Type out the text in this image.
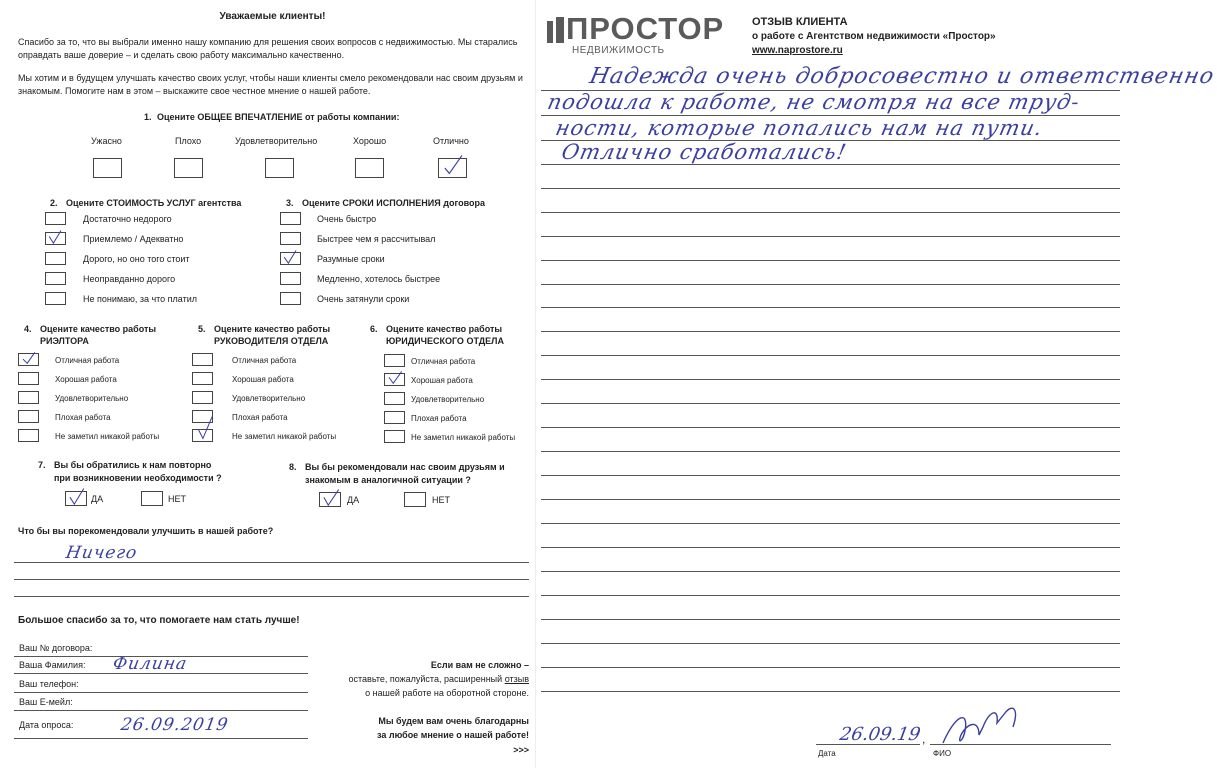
Уважаемые клиенты!
Спасибо за то, что вы выбрали именно нашу компанию для решения своих вопросов с недвижимостью. Мы старались
оправдать ваше доверие – и сделать свою работу максимально качественно.
Мы хотим и в будущем улучшать качество своих услуг, чтобы наши клиенты смело рекомендовали нас своим друзьям и
знакомым. Помогите нам в этом – выскажите свое честное мнение о нашей работе.
1. Оцените ОБЩЕЕ ВПЕЧАТЛЕНИЕ от работы компании:
Ужасно	Плохо	Удовлетворительно	Хорошо	Отлично
2. Оцените СТОИМОСТЬ УСЛУГ агентства
Достаточно недорого
Приемлемо / Адекватно
Дорого, но оно того стоит
Неоправданно дорого
Не понимаю, за что платил
3. Оцените СРОКИ ИСПОЛНЕНИЯ договора
Очень быстро
Быстрее чем я рассчитывал
Разумные сроки
Медленно, хотелось быстрее
Очень затянули сроки
4. Оцените качество работы
РИЭЛТОРА
Отличная работа
Хорошая работа
Удовлетворительно
Плохая работа
Не заметил никакой работы
5. Оцените качество работы
РУКОВОДИТЕЛЯ ОТДЕЛА
Отличная работа
Хорошая работа
Удовлетворительно
Плохая работа
Не заметил никакой работы
6. Оцените качество работы
ЮРИДИЧЕСКОГО ОТДЕЛА
Отличная работа
Хорошая работа
Удовлетворительно
Плохая работа
Не заметил никакой работы
7. Вы бы обратились к нам повторно
при возникновении необходимости ?
ДА	НЕТ
8. Вы бы рекомендовали нас своим друзьям и
знакомым в аналогичной ситуации ?
ДА	НЕТ
Что бы вы порекомендовали улучшить в нашей работе?
Ничего
Большое спасибо за то, что помогаете нам стать лучше!
Ваш № договора:
Ваша Фамилия: Филина
Ваш телефон:
Ваш Е-мейл:
Дата опроса:	26.09.2019
Если вам не сложно –
оставьте, пожалуйста, расширенный отзыв
о нашей работе на оборотной стороне.
Мы будем вам очень благодарны
за любое мнение о нашей работе!
>>>
ПРОСТОР
НЕДВИЖИМОСТЬ
ОТЗЫВ КЛИЕНТА
о работе с Агентством недвижимости «Простор»
www.naprostore.ru
Надежда очень добросовестно и ответственно
подошла к работе, не смотря на все труд-
ности, которые попались нам на пути.
Отлично сработались!
26.09.19 ,
Дата	ФИО
